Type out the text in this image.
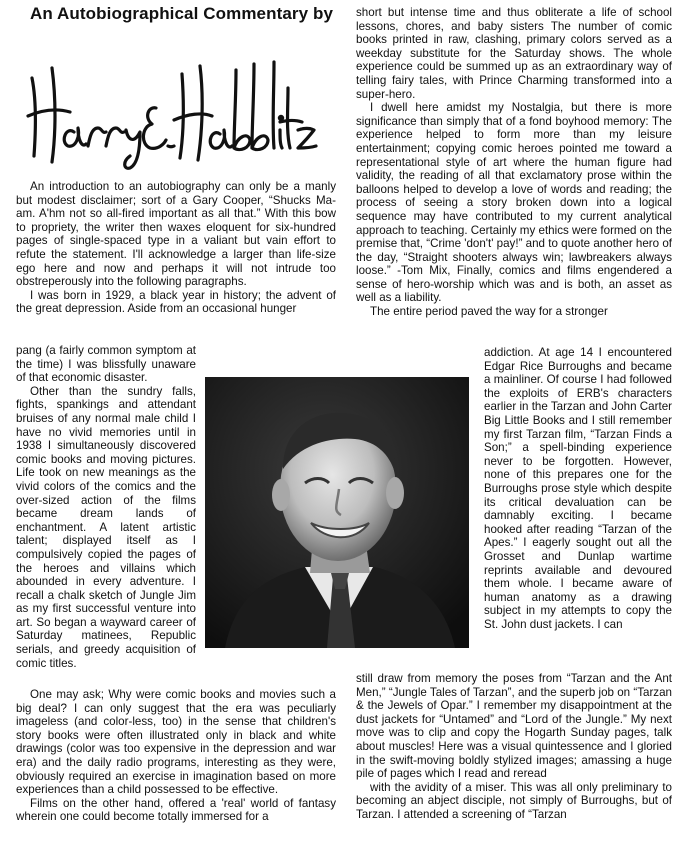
An Autobiographical Commentary by

An introduction to an autobiography can only be a manly but modest disclaimer; sort of a Gary Cooper, “Shucks Ma-am. A'hm not so all-fired important as all that.” With this bow to propriety, the writer then waxes eloquent for six-hundred pages of single-spaced type in a valiant but vain effort to refute the statement. I'll acknowledge a larger than life-size ego here and now and perhaps it will not intrude too obstreperously into the following paragraphs.

I was born in 1929, a black year in history; the advent of the great depression. Aside from an occasional hunger

pang (a fairly common symptom at the time) I was blissfully unaware of that economic disaster.

Other than the sundry falls, fights, spankings and attendant bruises of any normal male child I have no vivid memories until in 1938 I simultaneously discovered comic books and moving pictures. Life took on new meanings as the vivid colors of the comics and the over-sized action of the films became dream lands of enchantment. A latent artistic talent; displayed itself as I compulsively copied the pages of the heroes and villains which abounded in every adventure. I recall a chalk sketch of Jungle Jim as my first successful venture into art. So began a wayward career of Saturday matinees, Republic serials, and greedy acquisition of comic titles.

One may ask; Why were comic books and movies such a big deal? I can only suggest that the era was peculiarly imageless (and color-less, too) in the sense that children's story books were often illustrated only in black and white drawings (color was too expensive in the depression and war era) and the daily radio programs, interesting as they were, obviously required an exercise in imagination based on more experiences than a child possessed to be effective.

Films on the other hand, offered a 'real' world of fantasy wherein one could become totally immersed for a

short but intense time and thus obliterate a life of school lessons, chores, and baby sisters The number of comic books printed in raw, clashing, primary colors served as a weekday substitute for the Saturday shows. The whole experience could be summed up as an extraordinary way of telling fairy tales, with Prince Charming transformed into a super-hero.

I dwell here amidst my Nostalgia, but there is more significance than simply that of a fond boyhood memory: The experience helped to form more than my leisure entertainment; copying comic heroes pointed me toward a representational style of art where the human figure had validity, the reading of all that exclamatory prose within the balloons helped to develop a love of words and reading; the process of seeing a story broken down into a logical sequence may have contributed to my current analytical approach to teaching. Certainly my ethics were formed on the premise that, “Crime 'don't' pay!” and to quote another hero of the day, “Straight shooters always win; lawbreakers always loose.” -Tom Mix, Finally, comics and films engendered a sense of hero-worship which was and is both, an asset as well as a liability.

The entire period paved the way for a stronger

addiction. At age 14 I encountered Edgar Rice Burroughs and became a mainliner. Of course I had followed the exploits of ERB's characters earlier in the Tarzan and John Carter Big Little Books and I still remember my first Tarzan film, “Tarzan Finds a Son;” a spell-binding experience never to be forgotten. However, none of this prepares one for the Burroughs prose style which despite its critical devaluation can be damnably exciting. I became hooked after reading “Tarzan of the Apes.” I eagerly sought out all the Grosset and Dunlap wartime reprints available and devoured them whole. I became aware of human anatomy as a drawing subject in my attempts to copy the St. John dust jackets. I can

still draw from memory the poses from “Tarzan and the Ant Men,” “Jungle Tales of Tarzan”, and the superb job on “Tarzan & the Jewels of Opar.” I remember my disappointment at the dust jackets for “Untamed” and “Lord of the Jungle.” My next move was to clip and copy the Hogarth Sunday pages, talk about muscles! Here was a visual quintessence and I gloried in the swift-moving boldly stylized images; amassing a huge pile of pages which I read and reread

with the avidity of a miser. This was all only preliminary to becoming an abject disciple, not simply of Burroughs, but of Tarzan. I attended a screening of “Tarzan
